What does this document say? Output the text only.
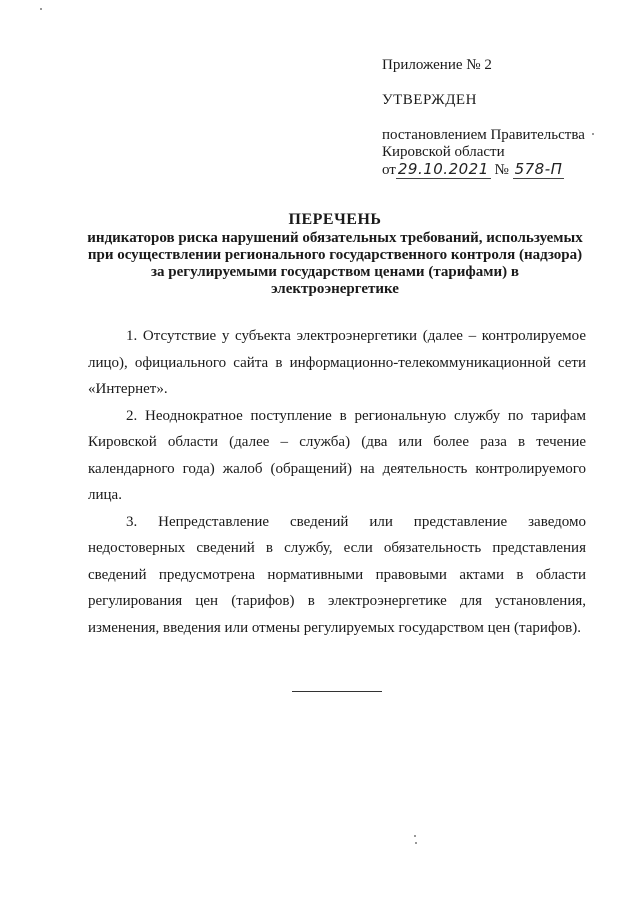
Приложение № 2
УТВЕРЖДЕН
постановлением Правительства
Кировской области
от 29.10.2021 № 578-П
ПЕРЕЧЕНЬ
индикаторов риска нарушений обязательных требований, используемых
при осуществлении регионального государственного контроля (надзора)
за регулируемыми государством ценами (тарифами) в
электроэнергетике

1. Отсутствие у субъекта электроэнергетики (далее – контролируемое лицо), официального сайта в информационно-телекоммуникационной сети «Интернет».

2. Неоднократное поступление в региональную службу по тарифам Кировской области (далее – служба) (два или более раза в течение календарного года) жалоб (обращений) на деятельность контролируемого лица.

3. Непредставление сведений или представление заведомо недостоверных сведений в службу, если обязательность представления сведений предусмотрена нормативными правовыми актами в области регулирования цен (тарифов) в электроэнергетике для установления, изменения, введения или отмены регулируемых государством цен (тарифов).
